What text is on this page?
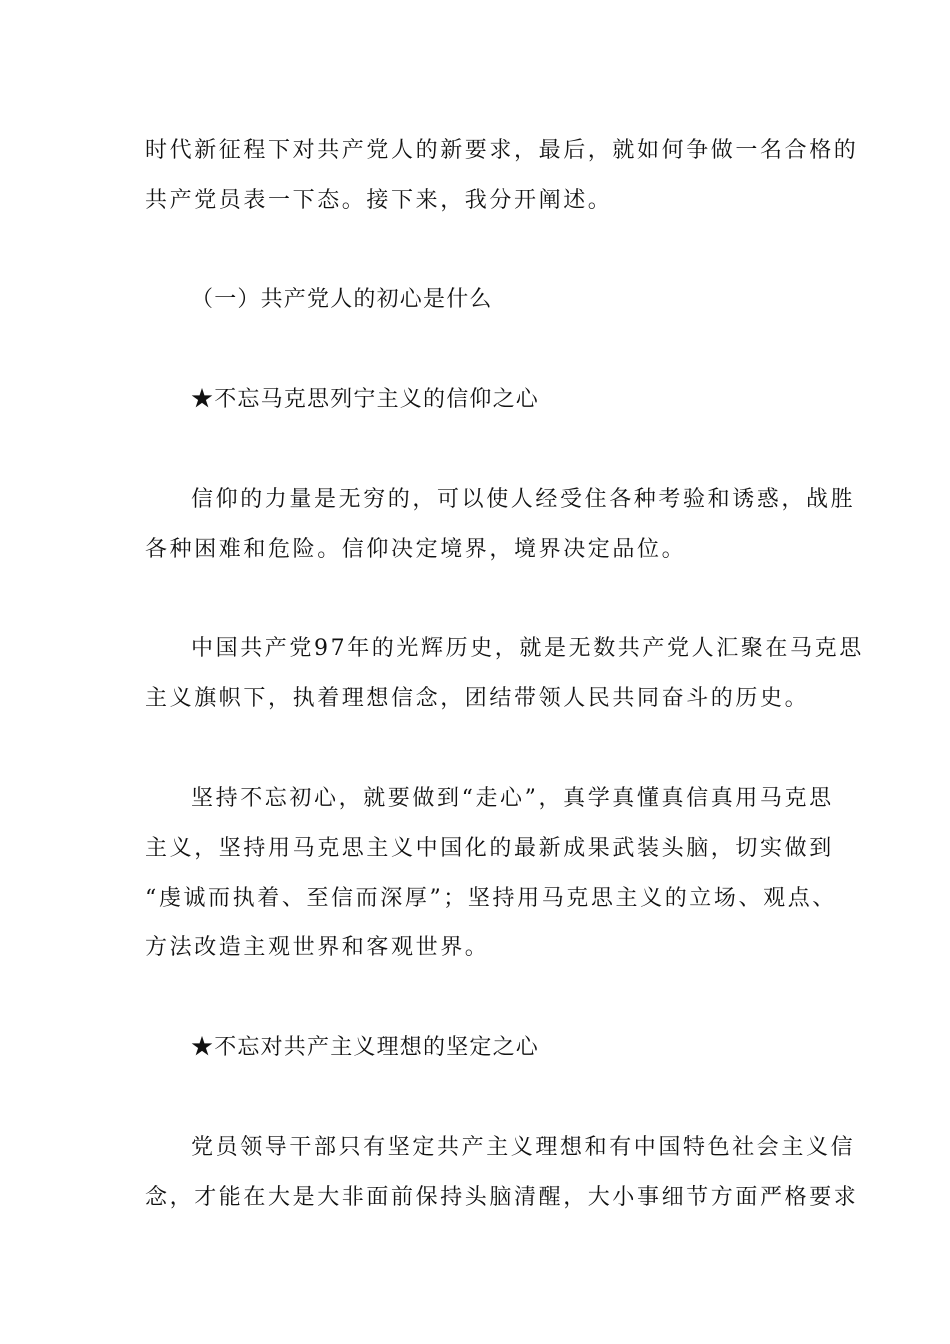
时代新征程下对共产党人的新要求，最后，就如何争做一名合格的
共产党员表一下态。接下来，我分开阐述。
（一）共产党人的初心是什么
★不忘马克思列宁主义的信仰之心
信仰的力量是无穷的，可以使人经受住各种考验和诱惑，战胜
各种困难和危险。信仰决定境界，境界决定品位。
中国共产党97年的光辉历史，就是无数共产党人汇聚在马克思
主义旗帜下，执着理想信念，团结带领人民共同奋斗的历史。
坚持不忘初心，就要做到“走心”，真学真懂真信真用马克思
主义，坚持用马克思主义中国化的最新成果武装头脑，切实做到
“虔诚而执着、至信而深厚”；坚持用马克思主义的立场、观点、
方法改造主观世界和客观世界。
★不忘对共产主义理想的坚定之心
党员领导干部只有坚定共产主义理想和有中国特色社会主义信
念，才能在大是大非面前保持头脑清醒，大小事细节方面严格要求
